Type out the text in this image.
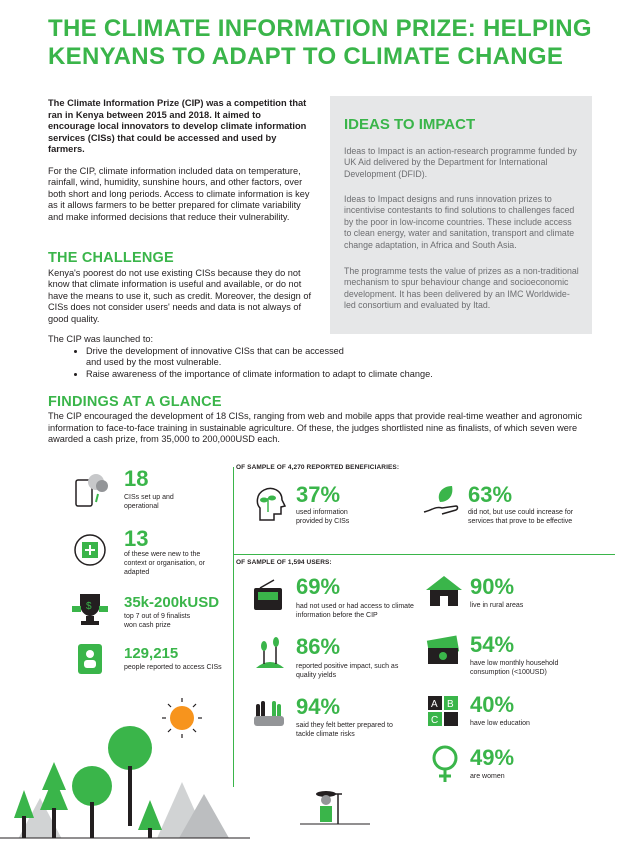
THE CLIMATE INFORMATION PRIZE: HELPING KENYANS TO ADAPT TO CLIMATE CHANGE

The Climate Information Prize (CIP) was a competition that ran in Kenya between 2015 and 2018. It aimed to encourage local innovators to develop climate information services (CISs) that could be accessed and used by farmers.

For the CIP, climate information included data on temperature, rainfall, wind, humidity, sunshine hours, and other factors, over both short and long periods. Access to climate information is key as it allows farmers to be better prepared for climate variability and make informed decisions that reduce their vulnerability.

THE CHALLENGE

Kenya's poorest do not use existing CISs because they do not know that climate information is useful and available, or do not have the means to use it, such as credit. Moreover, the design of CISs does not consider users' needs and data is not always of good quality.

The CIP was launched to:

• Drive the development of innovative CISs that can be accessed and used by the most vulnerable.
• Raise awareness of the importance of climate information to adapt to climate change.
IDEAS TO IMPACT

Ideas to Impact is an action-research programme funded by UK Aid delivered by the Department for International Development (DFID).

Ideas to Impact designs and runs innovation prizes to incentivise contestants to find solutions to challenges faced by the poor in low-income countries. These include access to clean energy, water and sanitation, transport and climate change adaptation, in Africa and South Asia.

The programme tests the value of prizes as a non-traditional mechanism to spur behaviour change and socioeconomic development. It has been delivered by an IMC Worldwide-led consortium and evaluated by Itad.

FINDINGS AT A GLANCE

The CIP encouraged the development of 18 CISs, ranging from web and mobile apps that provide real-time weather and agronomic information to face-to-face training in sustainable agriculture. Of these, the judges shortlisted nine as finalists, of which seven were awarded a cash prize, from 35,000 to 200,000USD each.

18

CISs set up and operational

13

of these were new to the context or organisation, or adapted

$ 35k-200kUSD

top 7 out of 9 finalists won cash prize

129,215

people reported to access CISs

OF SAMPLE OF 4,270 REPORTED BENEFICIARIES:

37%

used information provided by CISs

63%

did not, but use could increase for services that prove to be effective

OF SAMPLE OF 1,594 USERS:

69%

had not used or had access to climate information before the CIP

86%

reported positive impact, such as quality yields

94%

said they felt better prepared to tackle climate risks

90%

live in rural areas

54%

have low monthly household consumption (<100USD)

A B
C

40%

have low education

49%

are women
